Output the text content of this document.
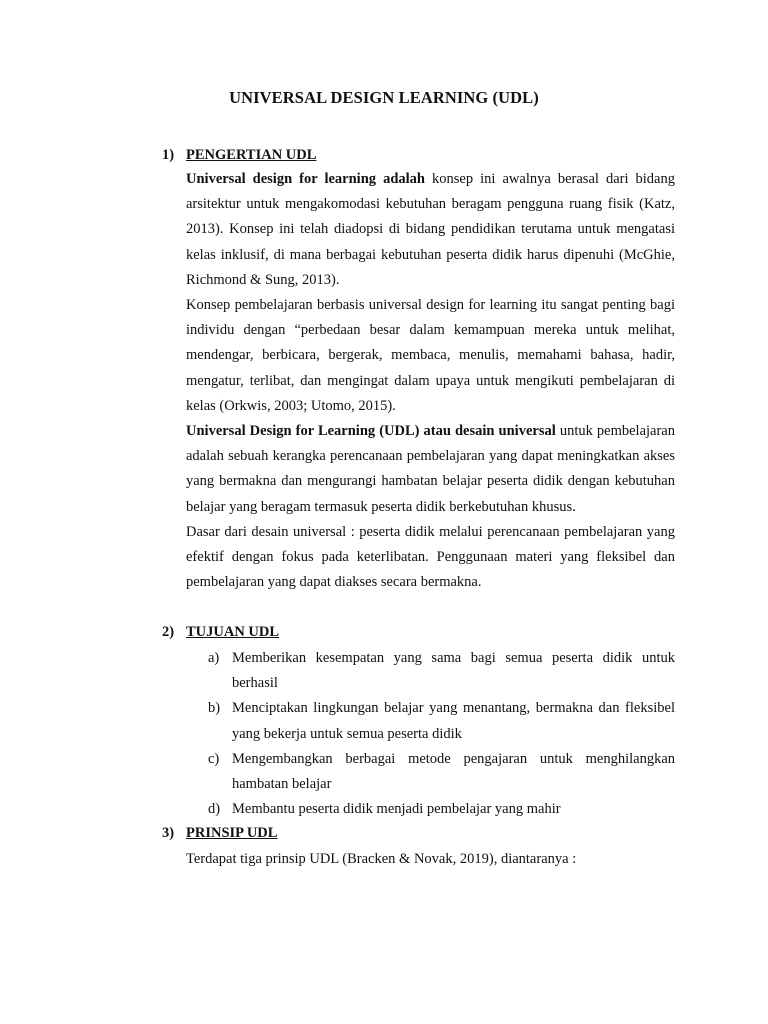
UNIVERSAL DESIGN LEARNING (UDL)
1) PENGERTIAN UDL

Universal design for learning adalah konsep ini awalnya berasal dari bidang arsitektur untuk mengakomodasi kebutuhan beragam pengguna ruang fisik (Katz, 2013). Konsep ini telah diadopsi di bidang pendidikan terutama untuk mengatasi kelas inklusif, di mana berbagai kebutuhan peserta didik harus dipenuhi (McGhie, Richmond & Sung, 2013).

Konsep pembelajaran berbasis universal design for learning itu sangat penting bagi individu dengan “perbedaan besar dalam kemampuan mereka untuk melihat, mendengar, berbicara, bergerak, membaca, menulis, memahami bahasa, hadir, mengatur, terlibat, dan mengingat dalam upaya untuk mengikuti pembelajaran di kelas (Orkwis, 2003; Utomo, 2015).

Universal Design for Learning (UDL) atau desain universal untuk pembelajaran adalah sebuah kerangka perencanaan pembelajaran yang dapat meningkatkan akses yang bermakna dan mengurangi hambatan belajar peserta didik dengan kebutuhan belajar yang beragam termasuk peserta didik berkebutuhan khusus.

Dasar dari desain universal : peserta didik melalui perencanaan pembelajaran yang efektif dengan fokus pada keterlibatan. Penggunaan materi yang fleksibel dan pembelajaran yang dapat diakses secara bermakna.

2) TUJUAN UDL
a) Memberikan kesempatan yang sama bagi semua peserta didik untuk berhasil
b) Menciptakan lingkungan belajar yang menantang, bermakna dan fleksibel yang bekerja untuk semua peserta didik
c) Mengembangkan berbagai metode pengajaran untuk menghilangkan hambatan belajar
d) Membantu peserta didik menjadi pembelajar yang mahir
3) PRINSIP UDL

Terdapat tiga prinsip UDL (Bracken & Novak, 2019), diantaranya :
